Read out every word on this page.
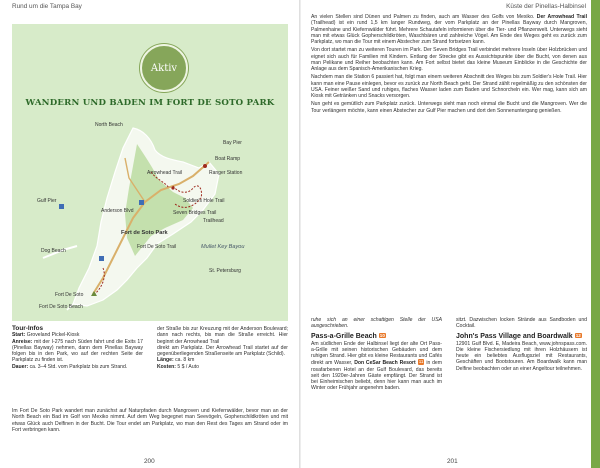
Rund um die Tampa Bay
Aktiv
WANDERN UND BADEN IM FORT DE SOTO PARK
North Beach
Arrowhead Trail
Soldier's Hole Trail
Ranger Station
Seven Bridges Trail
Boat Ramp
Bay Pier
Anderson Blvd
Fort De Soto Trail
Gulf Pier
Dog Beach
Fort De Soto
Fort De Soto Beach
Trailhead
St. Petersburg
Fort de Soto Park
Mullet Key Bayou
Tour-Infos
Start: Groveland Pickel-Kiosk
Anreise: mit der I-275 nach Süden fahrt und die Exits 17 (Pinellas Bayway) nehmen, dann dem Pinellas Bayway folgen bis in den Park, wo auf der rechten Seite der Parkplatz zu finden ist.
Dauer: ca. 3–4 Std. vom Parkplatz bis zum Strand.
der Straße bis zur Kreuzung mit der Anderson Boulevard; dann nach rechts, bis man die Straße erreicht. Hier beginnt der Arrowhead Trail
direkt am Parkplatz. Der Arrowhead Trail startet auf der gegenüberliegenden Straßenseite am Parkplatz (Schild).
Länge: ca. 8 km
Kosten: 5 $ / Auto
Im Fort De Soto Park wandert man zunächst auf Naturpfaden durch Mangroven und Kiefernwälder, bevor man an der North Beach ein Bad im Golf von Mexiko nimmt. Auf dem Weg begegnet man Seevögeln, Gopherschildkröten und mit etwas Glück auch Delfinen in der Bucht. Die Tour endet am Parkplatz, wo man den Rest des Tages am Strand oder im Fort verbringen kann.
200
Küste der Pinellas-Halbinsel
An vielen Stellen sind Dünen und Palmen zu finden, auch am Wasser des Golfs von Mexiko. Der Arrowhead Trail (Trailhead) ist ein rund 1,5 km langer Rundweg, der vom Parkplatz an der Pinellas Bayway durch Mangroven, Palmenhaine und Kiefernwälder führt. Mehrere Schautafeln informieren über die Tier- und Pflanzenwelt. Unterwegs sieht man mit etwas Glück Gopherschildkröten, Waschbären und zahlreiche Vögel. Am Ende des Weges geht es zurück zum Parkplatz, wo man die Tour mit einem Abstecher zum Strand fortsetzen kann.
Von dort startet man zu weiteren Touren im Park. Der Seven Bridges Trail verbindet mehrere Inseln über Holzbrücken und eignet sich auch für Familien mit Kindern. Entlang der Strecke gibt es Aussichtspunkte über die Bucht, von denen aus man Pelikane und Reiher beobachten kann. Am Fort selbst bietet das kleine Museum Einblicke in die Geschichte der Anlage aus dem Spanisch-Amerikanischen Krieg.
Nachdem man die Station 6 passiert hat, folgt man einem weiteren Abschnitt des Weges bis zum Soldier's Hole Trail. Hier kann man eine Pause einlegen, bevor es zurück zur North Beach geht. Der Strand zählt regelmäßig zu den schönsten der USA. Feiner weißer Sand und ruhiges, flaches Wasser laden zum Baden und Schnorcheln ein. Wer mag, kann sich am Kiosk mit Getränken und Snacks versorgen.
Nun geht es gemütlich zum Parkplatz zurück. Unterwegs sieht man noch einmal die Bucht und die Mangroven. Wer die Tour verlängern möchte, kann einen Abstecher zur Gulf Pier machen und dort den Sonnenuntergang genießen.
ruhe sich an einer schattigen Stelle der USA ausgeschrieben.
Pass-a-Grille Beach 10
Am südlichen Ende der Halbinsel liegt der alte Ort Pass-a-Grille mit seinen historischen Gebäuden und dem ruhigen Strand. Hier gibt es kleine Restaurants und Cafés direkt am Wasser, Don CeSar Beach Resort 11 in dem rosafarbenen Hotel an der Gulf Boulevard, das bereits seit den 1920er-Jahren Gäste empfängt. Der Strand ist bei Einheimischen beliebt, denn hier kann man auch im Winter oder Frühjahr angenehm baden.
sitzt. Dazwischen locken Strände aus Sandboden und Cocktail.
John's Pass Village and Boardwalk 12
12901 Gulf Blvd. E, Madeira Beach, www.johnspass.com. Die kleine Fischersiedlung mit ihren Holzhäusern ist heute ein beliebtes Ausflugsziel mit Restaurants, Geschäften und Bootstouren. Am Boardwalk kann man Delfine beobachten oder an einer Angeltour teilnehmen.
201
